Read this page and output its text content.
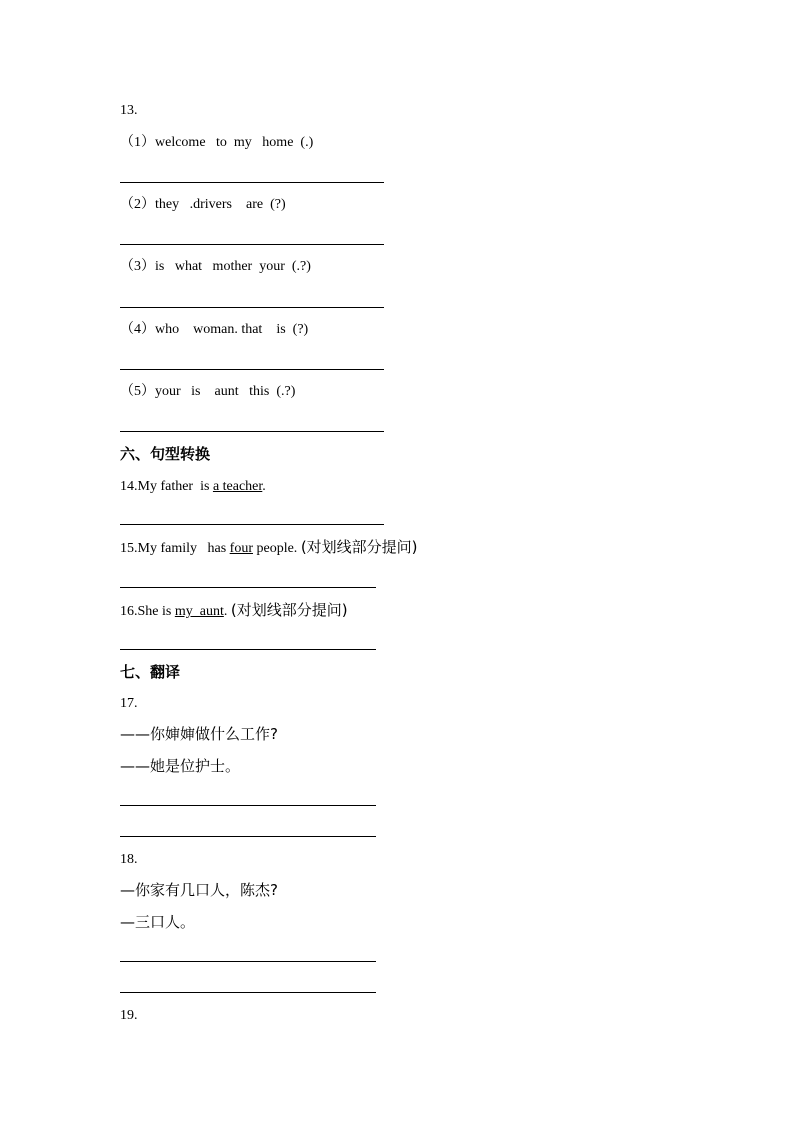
13.
（1）welcome   to  my   home  (.)
（2）they   .drivers    are  (?)
（3）is   what   mother  your  (.?)
（4）who    woman. that    is  (?)
（5）your   is    aunt   this  (.?)
六、句型转换
14.My father  is a teacher.
15.My family   has four people. (对划线部分提问)
16.She is my  aunt. (对划线部分提问)
七、翻译
17.
——你婶婶做什么工作?
——她是位护士。
18.
—你家有几口人，陈杰?
—三口人。
19.
